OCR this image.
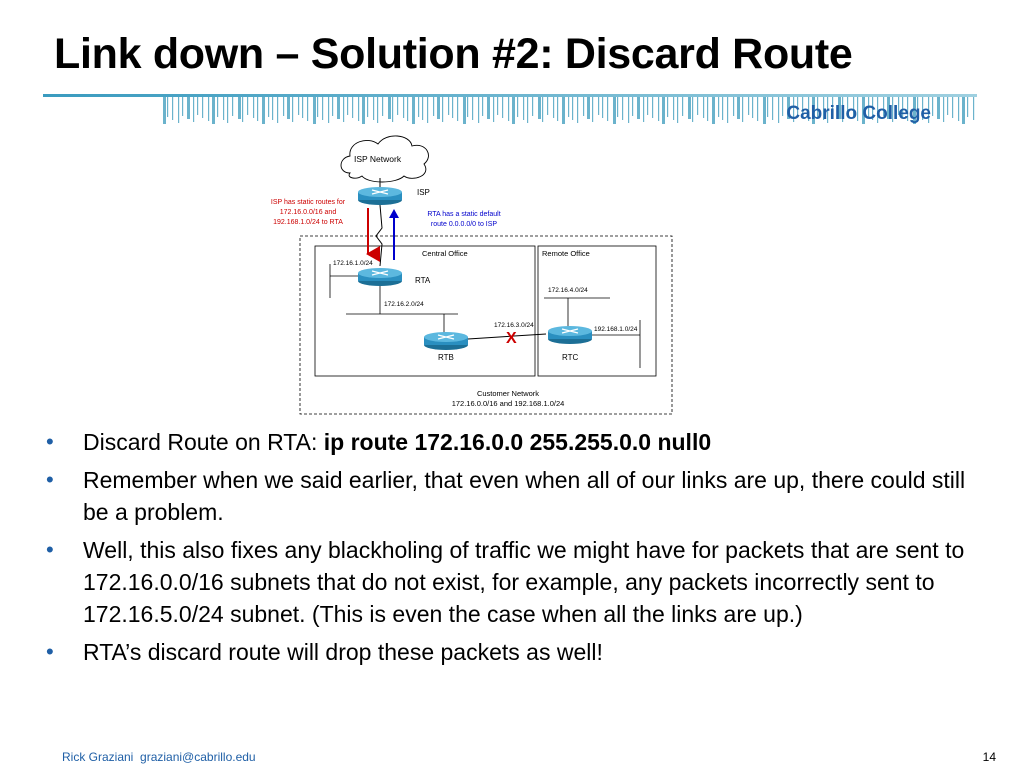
Link down – Solution #2: Discard Route
Cabrillo College
ISP Network
ISP
ISP has static routes for
172.16.0.0/16 and
192.168.1.0/24 to RTA
RTA has a static default
route 0.0.0.0/0 to ISP
Central Office	Remote Office
172.16.1.0/24
RTA
172.16.2.0/24
RTB
172.16.3.0/24
X
172.16.4.0/24
RTC
192.168.1.0/24
Customer Network
172.16.0.0/16 and 192.168.1.0/24
• Discard Route on RTA: ip route 172.16.0.0 255.255.0.0 null0
• Remember when we said earlier, that even when all of our links are up, there could still be a problem.
• Well, this also fixes any blackholing of traffic we might have for packets that are sent to 172.16.0.0/16 subnets that do not exist, for example, any packets incorrectly sent to 172.16.5.0/24 subnet. (This is even the case when all the links are up.)
• RTA’s discard route will drop these packets as well!
Rick Graziani graziani@cabrillo.edu	14
